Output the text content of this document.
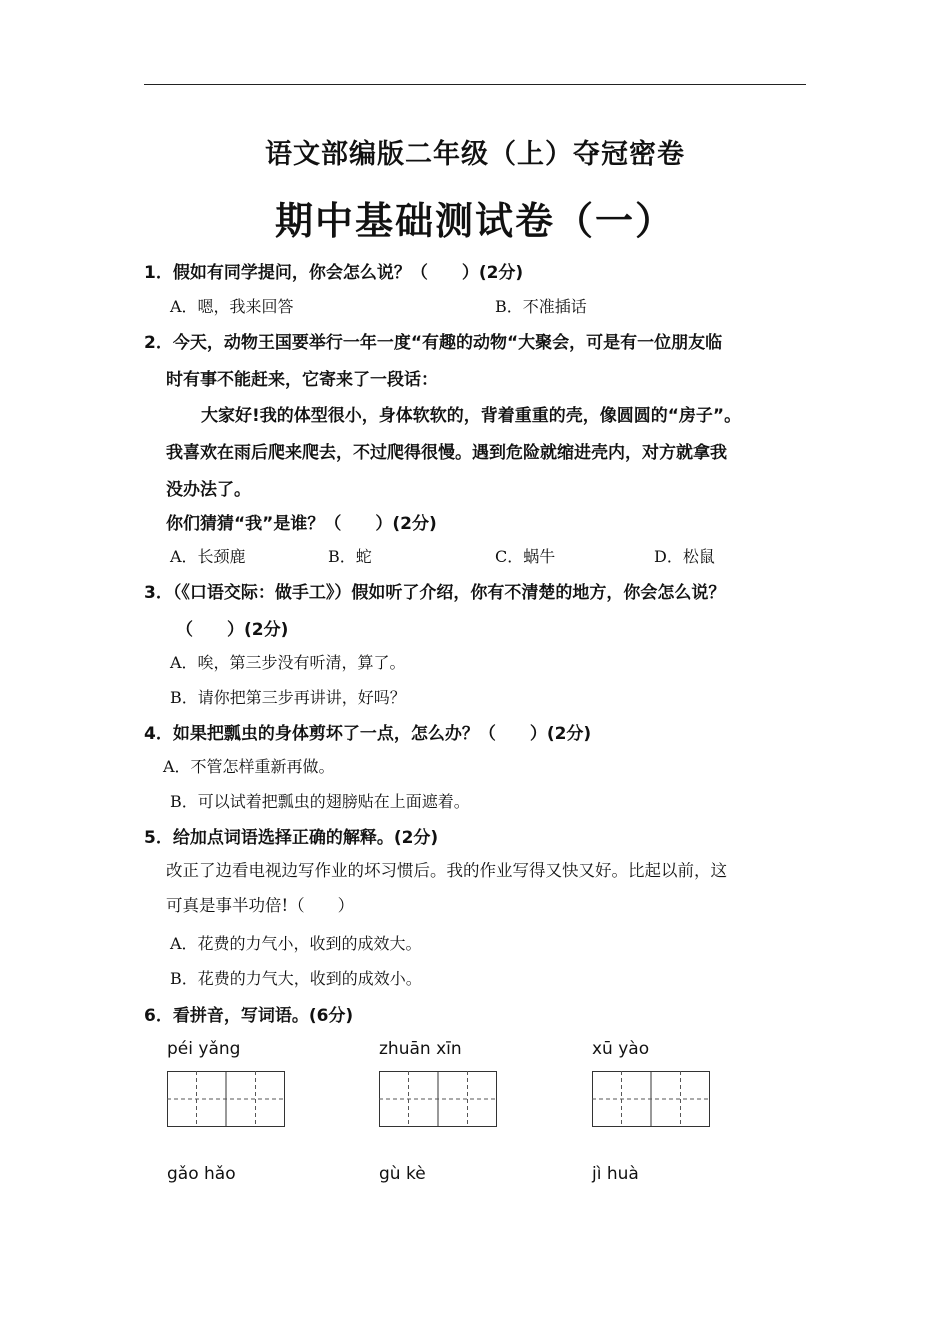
语文部编版二年级（上）夺冠密卷
期中基础测试卷（一）
1．假如有同学提问，你会怎么说？（　　）(2分)
A．嗯，我来回答	B．不准插话
2．今天，动物王国要举行一年一度“有趣的动物“大聚会，可是有一位朋友临
时有事不能赶来，它寄来了一段话：
大家好!我的体型很小，身体软软的，背着重重的壳，像圆圆的“房子”。
我喜欢在雨后爬来爬去，不过爬得很慢。遇到危险就缩进壳内，对方就拿我
没办法了。
你们猜猜“我”是谁？（　　）(2分)
A．长颈鹿	B．蛇	C．蜗牛	D．松鼠
3．（《口语交际：做手工》）假如听了介绍，你有不清楚的地方，你会怎么说？
（　　）(2分)
A．唉，第三步没有听清，算了。
B．请你把第三步再讲讲，好吗？
4．如果把瓢虫的身体剪坏了一点，怎么办？（　　）(2分)
A．不管怎样重新再做。
B．可以试着把瓢虫的翅膀贴在上面遮着。
5．给加点词语选择正确的解释。(2分)
改正了边看电视边写作业的坏习惯后。我的作业写得又快又好。比起以前，这
可真是事半功倍!（　　）
A．花费的力气小，收到的成效大。
B．花费的力气大，收到的成效小。
6．看拼音，写词语。(6分)
péi yǎng	zhuān xīn	xū yào
gǎo hǎo	gù kè	jì huà
